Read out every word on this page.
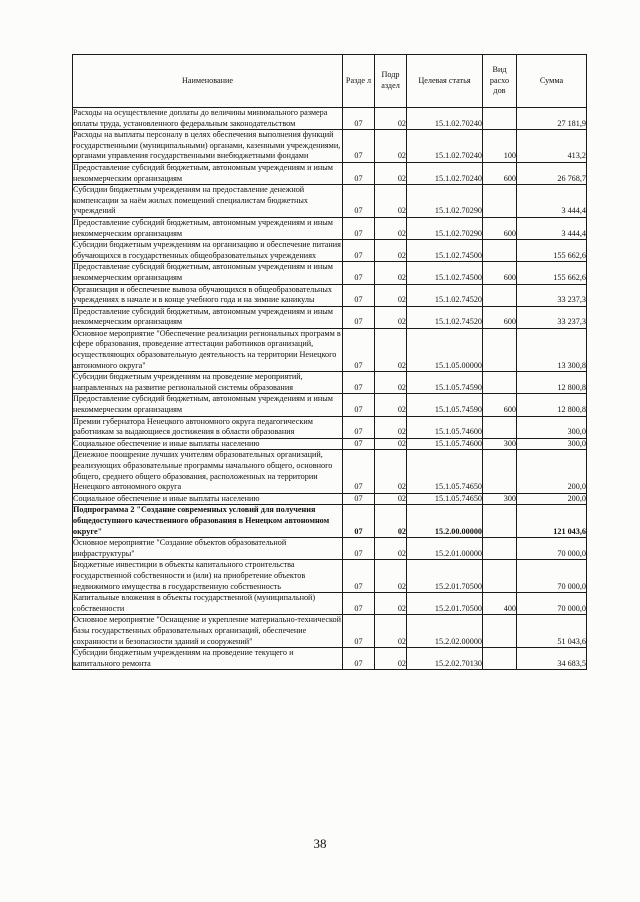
Наименование	Разде л	Подр аздел	Целевая статья	Вид расхо дов	Сумма
Расходы на осуществление доплаты до величины минимального размера оплаты труда, установленного федеральным законодательством	07	02	15.1.02.70240		27 181,9
Расходы на выплаты персоналу в целях обеспечения выполнения функций государственными (муниципальными) органами, казенными учреждениями, органами управления государственными внебюджетными фондами	07	02	15.1.02.70240	100	413,2
Предоставление субсидий бюджетным, автономным учреждениям и иным некоммерческим организациям	07	02	15.1.02.70240	600	26 768,7
Субсидии бюджетным учреждениям на предоставление денежной компенсации за наём жилых помещений специалистам бюджетных учреждений	07	02	15.1.02.70290		3 444,4
Предоставление субсидий бюджетным, автономным учреждениям и иным некоммерческим организациям	07	02	15.1.02.70290	600	3 444,4
Субсидии бюджетным учреждениям на организацию и обеспечение питания обучающихся в государственных общеобразовательных учреждениях	07	02	15.1.02.74500		155 662,6
Предоставление субсидий бюджетным, автономным учреждениям и иным некоммерческим организациям	07	02	15.1.02.74500	600	155 662,6
Организация и обеспечение вывоза обучающихся в общеобразовательных учреждениях в начале и в конце учебного года и на зимние каникулы	07	02	15.1.02.74520		33 237,3
Предоставление субсидий бюджетным, автономным учреждениям и иным некоммерческим организациям	07	02	15.1.02.74520	600	33 237,3
Основное мероприятие "Обеспечение реализации региональных программ в сфере образования, проведение аттестации работников организаций, осуществляющих образовательную деятельность на территории Ненецкого автономного округа"	07	02	15.1.05.00000		13 300,8
Субсидии бюджетным учреждениям на проведение мероприятий, направленных на развитие региональной системы образования	07	02	15.1.05.74590		12 800,8
Предоставление субсидий бюджетным, автономным учреждениям и иным некоммерческим организациям	07	02	15.1.05.74590	600	12 800,8
Премии губернатора Ненецкого автономного округа педагогическим работникам за выдающиеся достижения в области образования	07	02	15.1.05.74600		300,0
Социальное обеспечение и иные выплаты населению	07	02	15.1.05.74600	300	300,0
Денежное поощрение лучших учителям образовательных организаций, реализующих образовательные программы начального общего, основного общего, среднего общего образования, расположенных на территории Ненецкого автономного округа	07	02	15.1.05.74650		200,0
Социальное обеспечение и иные выплаты населению	07	02	15.1.05.74650	300	200,0
Подпрограмма 2 "Создание современных условий для получения общедоступного качественного образования в Ненецком автономном округе"	07	02	15.2.00.00000		121 043,6
Основное мероприятие "Создание объектов образовательной инфраструктуры"	07	02	15.2.01.00000		70 000,0
Бюджетные инвестиции в объекты капитального строительства государственной собственности и (или) на приобретение объектов недвижимого имущества в государственную собственность	07	02	15.2.01.70500		70 000,0
Капитальные вложения в объекты государственной (муниципальной) собственности	07	02	15.2.01.70500	400	70 000,0
Основное мероприятие "Оснащение и укрепление материально-технической базы государственных образовательных организаций, обеспечение сохранности и безопасности зданий и сооружений"	07	02	15.2.02.00000		51 043,6
Субсидии бюджетным учреждениям на проведение текущего и капитального ремонта	07	02	15.2.02.70130		34 683,5
38
